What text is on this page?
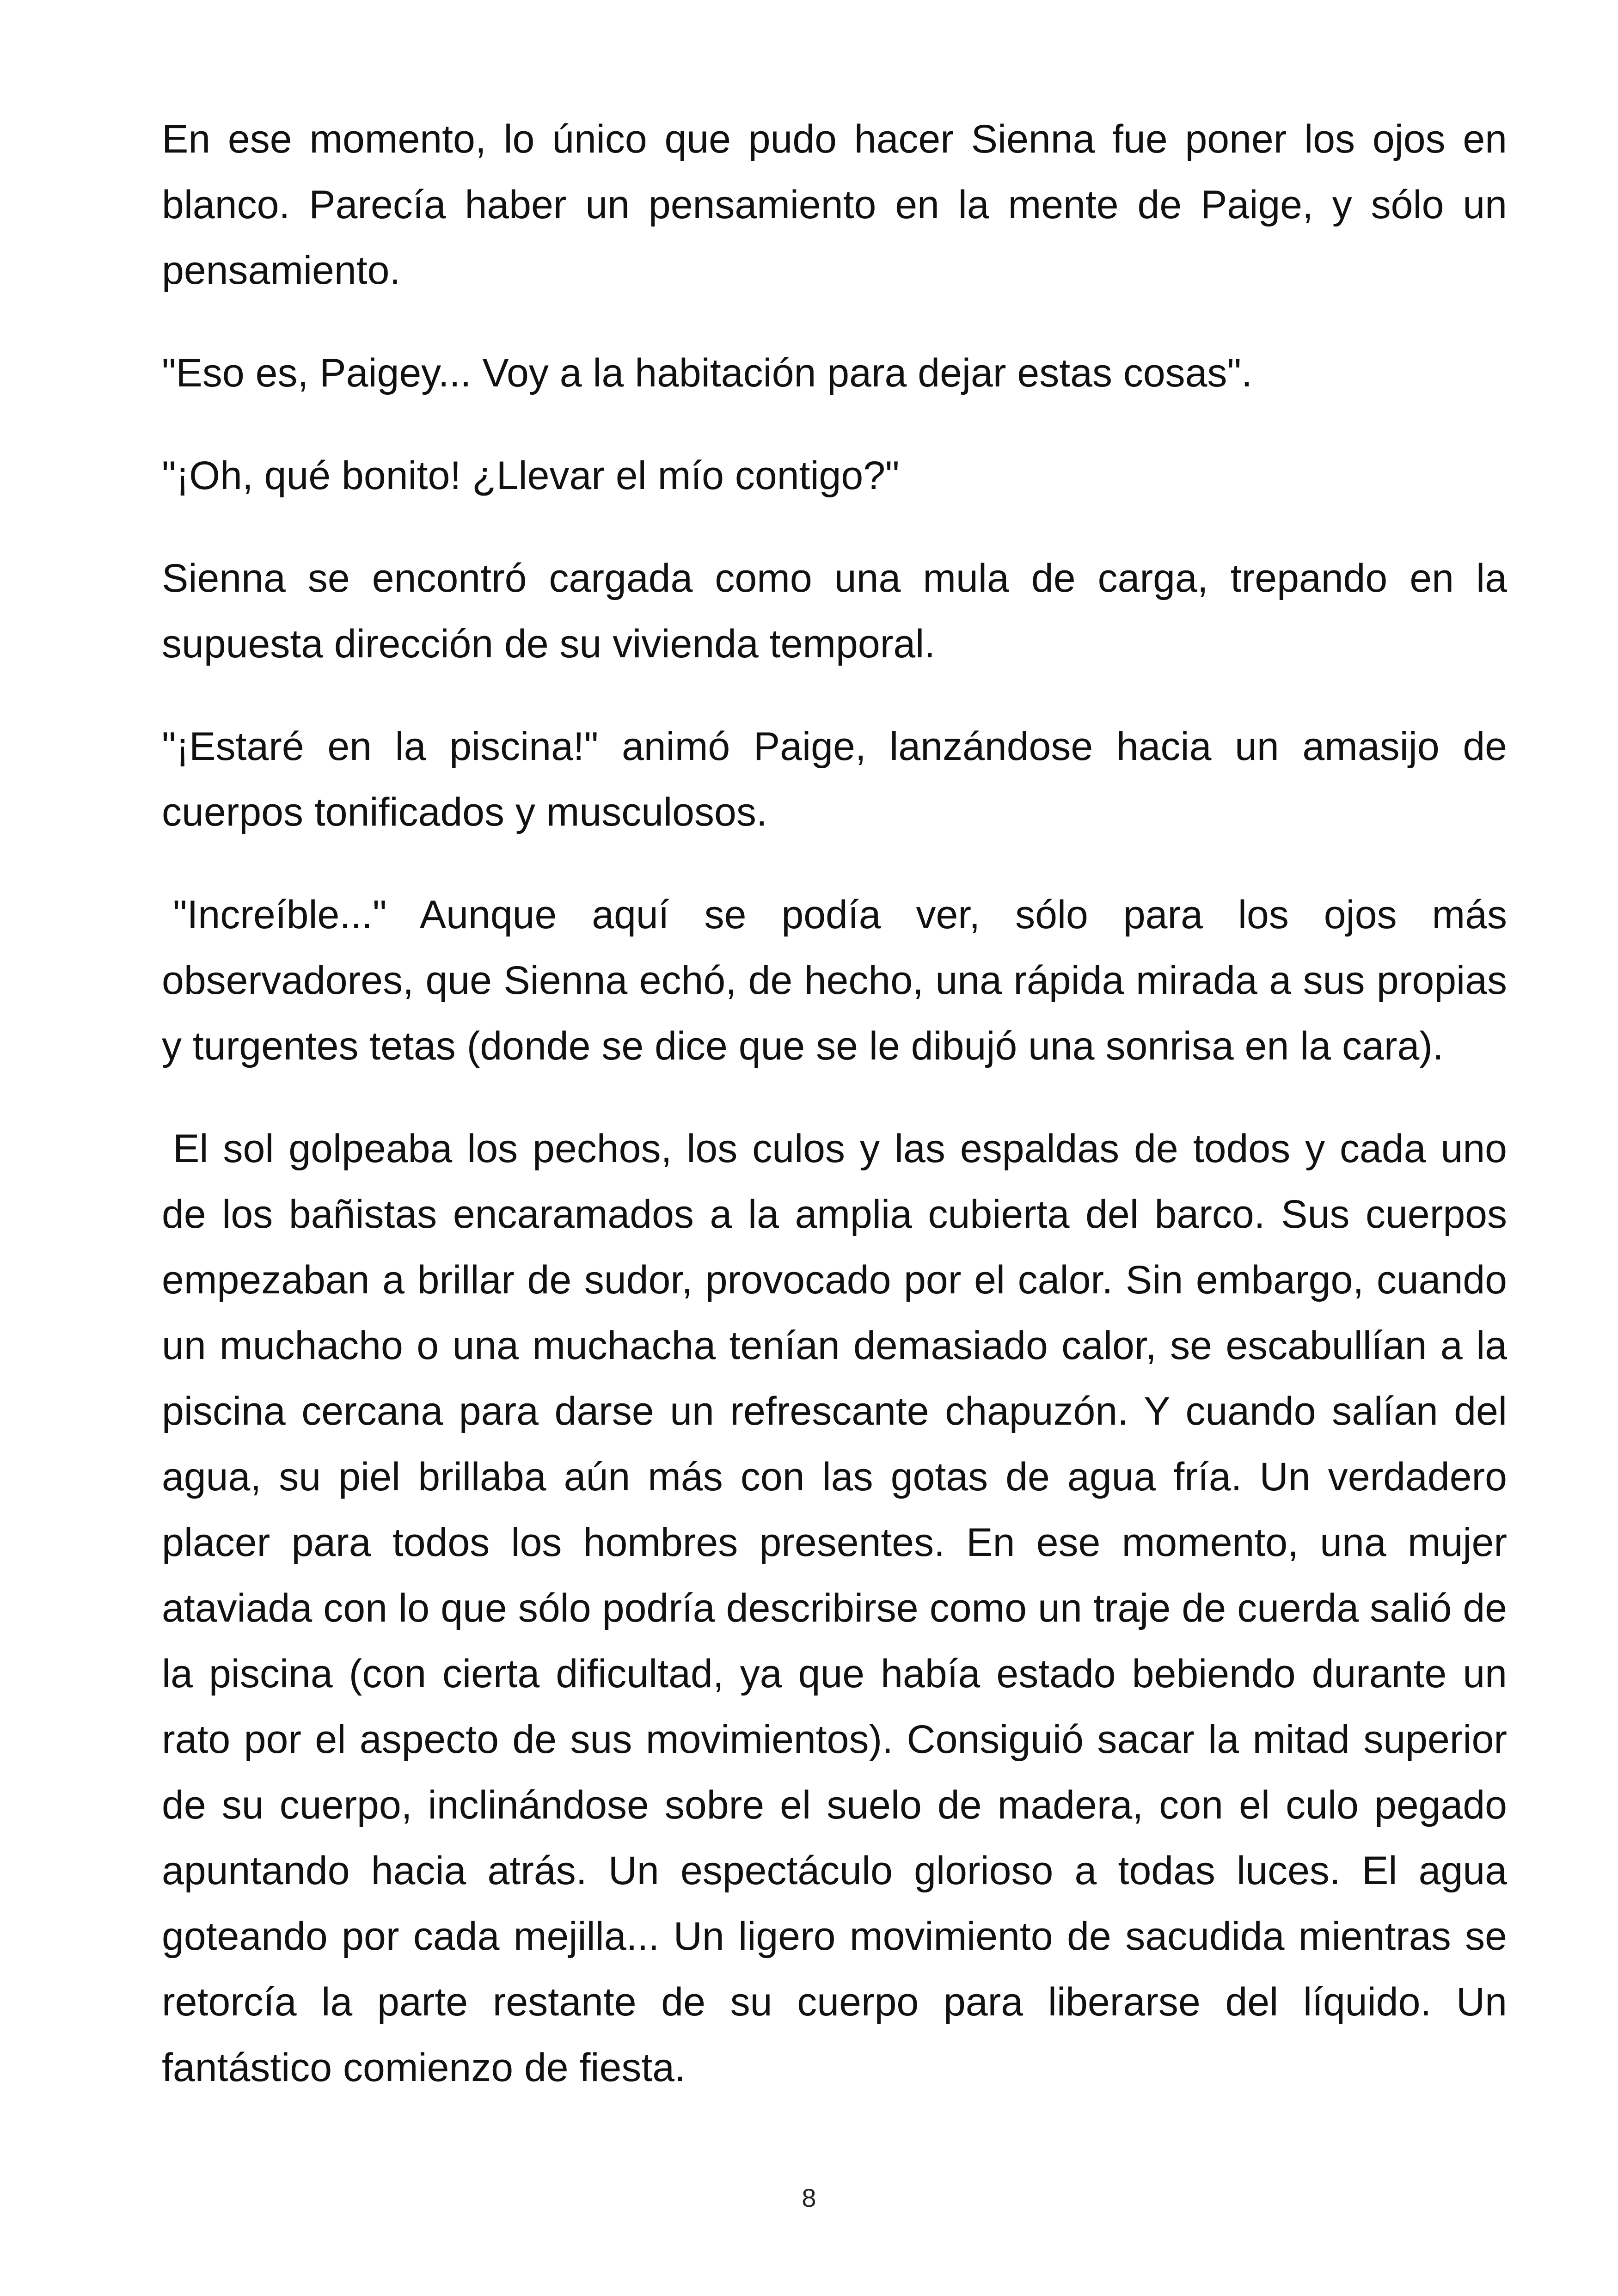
En ese momento, lo único que pudo hacer Sienna fue poner los ojos en blanco. Parecía haber un pensamiento en la mente de Paige, y sólo un pensamiento.

"Eso es, Paigey... Voy a la habitación para dejar estas cosas".

"¡Oh, qué bonito! ¿Llevar el mío contigo?"

Sienna se encontró cargada como una mula de carga, trepando en la supuesta dirección de su vivienda temporal.

"¡Estaré en la piscina!" animó Paige, lanzándose hacia un amasijo de cuerpos tonificados y musculosos.

"Increíble..." Aunque aquí se podía ver, sólo para los ojos más observadores, que Sienna echó, de hecho, una rápida mirada a sus propias y turgentes tetas (donde se dice que se le dibujó una sonrisa en la cara).

El sol golpeaba los pechos, los culos y las espaldas de todos y cada uno de los bañistas encaramados a la amplia cubierta del barco. Sus cuerpos empezaban a brillar de sudor, provocado por el calor. Sin embargo, cuando un muchacho o una muchacha tenían demasiado calor, se escabullían a la piscina cercana para darse un refrescante chapuzón. Y cuando salían del agua, su piel brillaba aún más con las gotas de agua fría. Un verdadero placer para todos los hombres presentes. En ese momento, una mujer ataviada con lo que sólo podría describirse como un traje de cuerda salió de la piscina (con cierta dificultad, ya que había estado bebiendo durante un rato por el aspecto de sus movimientos). Consiguió sacar la mitad superior de su cuerpo, inclinándose sobre el suelo de madera, con el culo pegado apuntando hacia atrás. Un espectáculo glorioso a todas luces. El agua goteando por cada mejilla... Un ligero movimiento de sacudida mientras se retorcía la parte restante de su cuerpo para liberarse del líquido. Un fantástico comienzo de fiesta.

8
